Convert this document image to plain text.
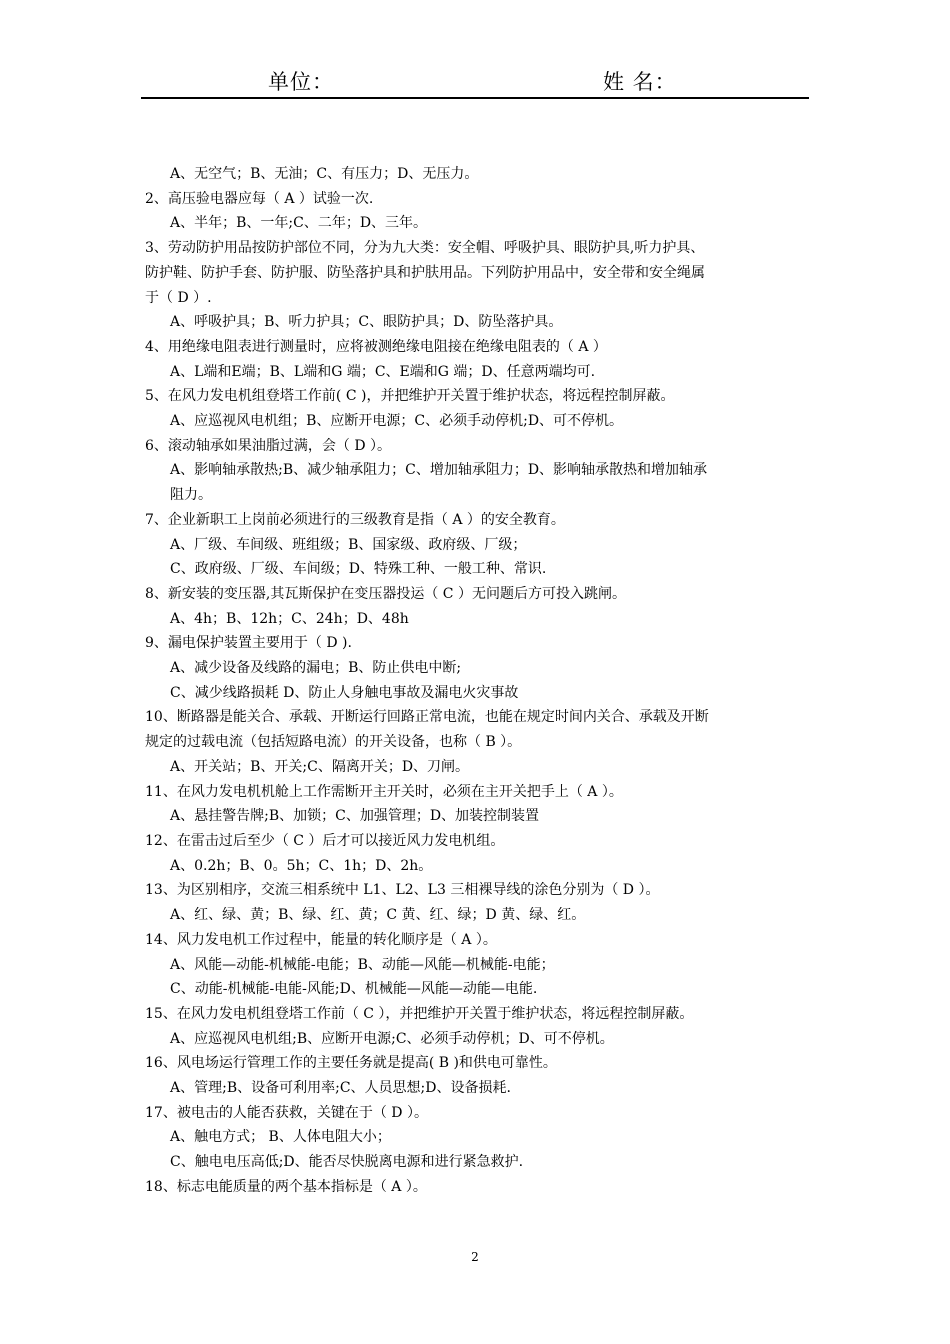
单位：	姓 名：
A、无空气；B、无油；C、有压力；D、无压力。
2、高压验电器应每（ A ）试验一次.
A、半年；B、一年;C、二年；D、三年。
3、劳动防护用品按防护部位不同，分为九大类：安全帽、呼吸护具、眼防护具,听力护具、
防护鞋、防护手套、防护服、防坠落护具和护肤用品。下列防护用品中，安全带和安全绳属
于（ D ）.
A、呼吸护具；B、听力护具；C、眼防护具；D、防坠落护具。
4、用绝缘电阻表进行测量时，应将被测绝缘电阻接在绝缘电阻表的（ A ）
A、L端和E端；B、L端和G 端；C、E端和G 端；D、任意两端均可.
5、在风力发电机组登塔工作前( C )，并把维护开关置于维护状态，将远程控制屏蔽。
A、应巡视风电机组；B、应断开电源；C、必须手动停机;D、可不停机。
6、滚动轴承如果油脂过满，会（ D ）。
A、影响轴承散热;B、减少轴承阻力；C、增加轴承阻力；D、影响轴承散热和增加轴承
阻力。
7、企业新职工上岗前必须进行的三级教育是指（ A ）的安全教育。
A、厂级、车间级、班组级；B、国家级、政府级、厂级；
C、政府级、厂级、车间级；D、特殊工种、一般工种、常识.
8、新安装的变压器,其瓦斯保护在变压器投运（ C ）无问题后方可投入跳闸。
A、4h；B、12h；C、24h；D、48h
9、漏电保护装置主要用于（ D ).
A、减少设备及线路的漏电；B、防止供电中断;
C、减少线路损耗 D、防止人身触电事故及漏电火灾事故
10、断路器是能关合、承载、开断运行回路正常电流，也能在规定时间内关合、承载及开断
规定的过载电流（包括短路电流）的开关设备，也称（ B ）。
A、开关站；B、开关;C、隔离开关；D、刀闸。
11、在风力发电机机舱上工作需断开主开关时，必须在主开关把手上（ A ）。
A、悬挂警告牌;B、加锁；C、加强管理；D、加装控制装置
12、在雷击过后至少（ C ）后才可以接近风力发电机组。
A、0.2h；B、0。5h；C、1h；D、2h。
13、为区别相序，交流三相系统中 L1、L2、L3 三相裸导线的涂色分别为（ D ）。
A、红、绿、黄；B、绿、红、黄；C 黄、红、绿；D 黄、绿、红。
14、风力发电机工作过程中，能量的转化顺序是（ A ）。
A、风能—动能-机械能-电能；B、动能—风能—机械能-电能；
C、动能-机械能-电能-风能;D、机械能—风能—动能—电能.
15、在风力发电机组登塔工作前（ C ），并把维护开关置于维护状态，将远程控制屏蔽。
A、应巡视风电机组;B、应断开电源;C、必须手动停机；D、可不停机。
16、风电场运行管理工作的主要任务就是提高( B )和供电可靠性。
A、管理;B、设备可利用率;C、人员思想;D、设备损耗.
17、被电击的人能否获救，关键在于（ D ）。
A、触电方式； B、人体电阻大小；
C、触电电压高低;D、能否尽快脱离电源和进行紧急救护.
18、标志电能质量的两个基本指标是（ A ）。
2
